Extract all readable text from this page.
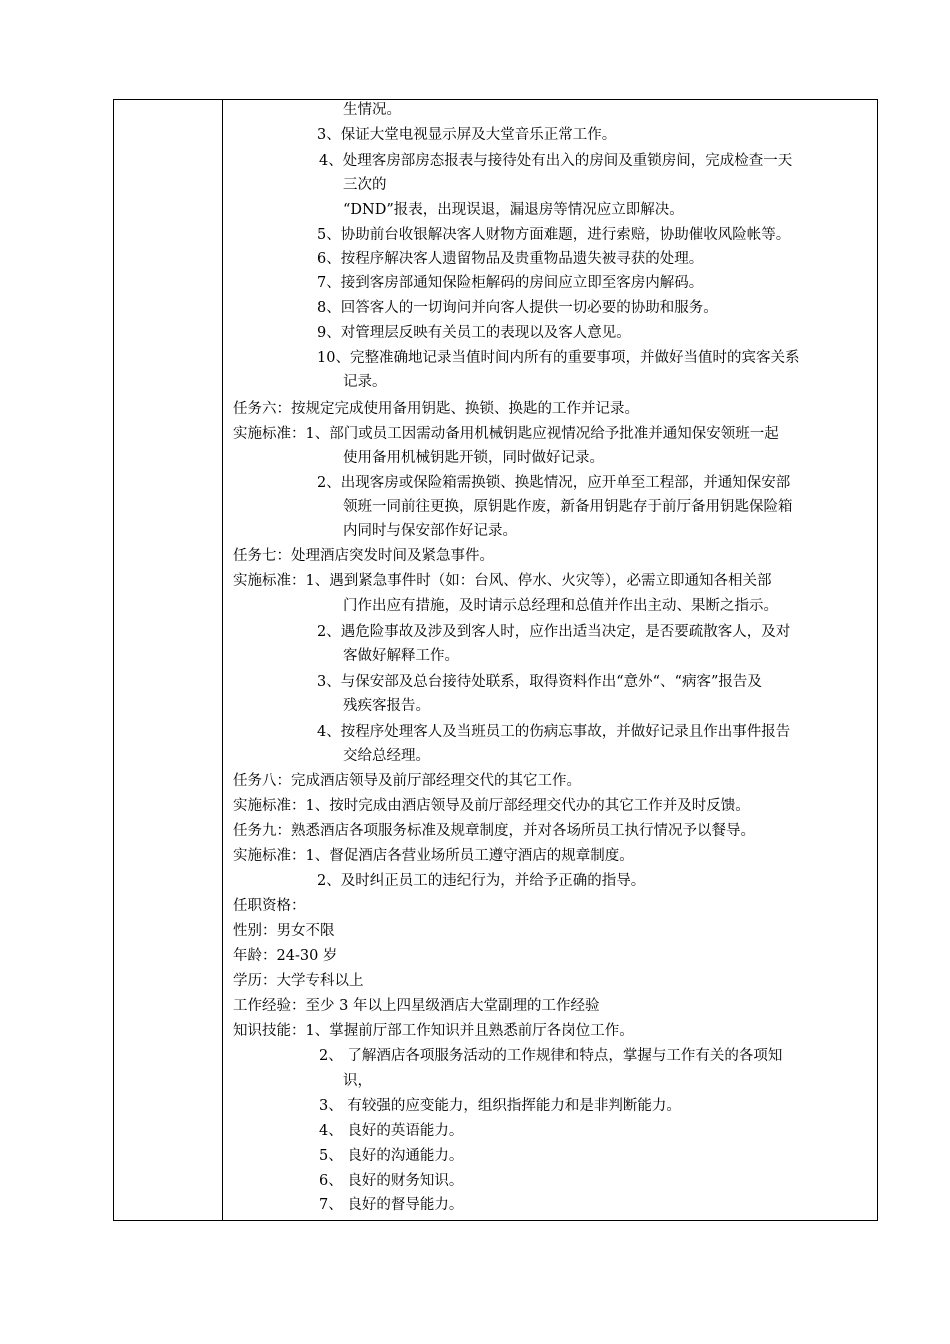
生情况。
3、保证大堂电视显示屏及大堂音乐正常工作。
4、处理客房部房态报表与接待处有出入的房间及重锁房间，完成检查一天
三次的
“DND”报表，出现误退，漏退房等情况应立即解决。
5、协助前台收银解决客人财物方面难题，进行索赔，协助催收风险帐等。
6、按程序解决客人遗留物品及贵重物品遗失被寻获的处理。
7、接到客房部通知保险柜解码的房间应立即至客房内解码。
8、回答客人的一切询问并向客人提供一切必要的协助和服务。
9、对管理层反映有关员工的表现以及客人意见。
10、完整准确地记录当值时间内所有的重要事项，并做好当值时的宾客关系
记录。
任务六：按规定完成使用备用钥匙、换锁、换匙的工作并记录。
实施标准：1、部门或员工因需动备用机械钥匙应视情况给予批准并通知保安领班一起
使用备用机械钥匙开锁，同时做好记录。
2、出现客房或保险箱需换锁、换匙情况，应开单至工程部，并通知保安部
领班一同前往更换，原钥匙作废，新备用钥匙存于前厅备用钥匙保险箱
内同时与保安部作好记录。
任务七：处理酒店突发时间及紧急事件。
实施标准：1、遇到紧急事件时（如：台风、停水、火灾等），必需立即通知各相关部
门作出应有措施，及时请示总经理和总值并作出主动、果断之指示。
2、遇危险事故及涉及到客人时，应作出适当决定，是否要疏散客人，及对
客做好解释工作。
3、与保安部及总台接待处联系，取得资料作出“意外“、“病客”报告及
残疾客报告。
4、按程序处理客人及当班员工的伤病忘事故，并做好记录且作出事件报告
交给总经理。
任务八：完成酒店领导及前厅部经理交代的其它工作。
实施标准：1、按时完成由酒店领导及前厅部经理交代办的其它工作并及时反馈。
任务九：熟悉酒店各项服务标准及规章制度，并对各场所员工执行情况予以餐导。
实施标准：1、督促酒店各营业场所员工遵守酒店的规章制度。
2、及时纠正员工的违纪行为，并给予正确的指导。
任职资格：
性别：男女不限
年龄：24-30 岁
学历：大学专科以上
工作经验：至少 3 年以上四星级酒店大堂副理的工作经验
知识技能：1、掌握前厅部工作知识并且熟悉前厅各岗位工作。
2、 了解酒店各项服务活动的工作规律和特点，掌握与工作有关的各项知
识，
3、 有较强的应变能力，组织指挥能力和是非判断能力。
4、 良好的英语能力。
5、 良好的沟通能力。
6、 良好的财务知识。
7、 良好的督导能力。
